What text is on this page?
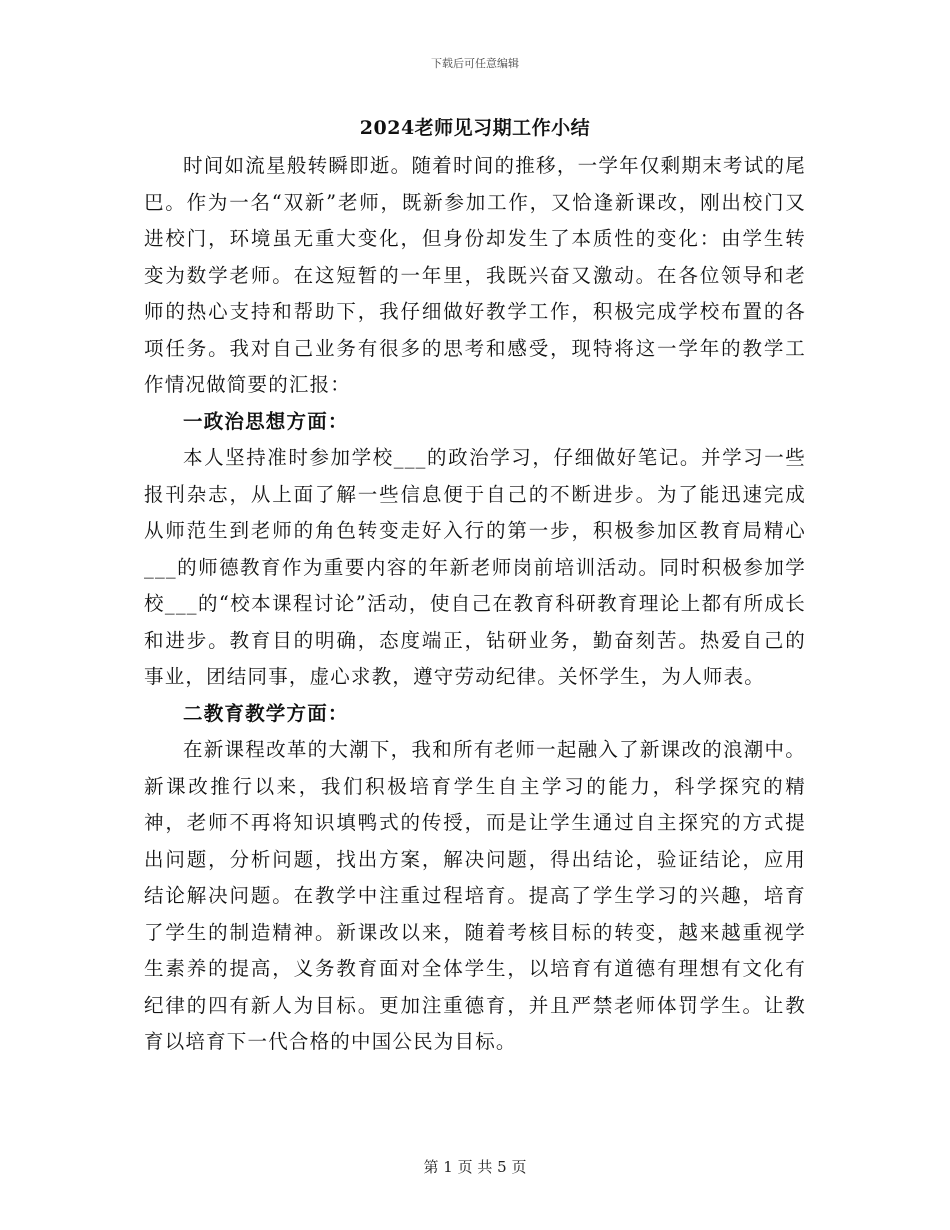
下载后可任意编辑
2024老师见习期工作小结

时间如流星般转瞬即逝。随着时间的推移，一学年仅剩期末考试的尾巴。作为一名“双新”老师，既新参加工作，又恰逢新课改，刚出校门又进校门，环境虽无重大变化，但身份却发生了本质性的变化：由学生转变为数学老师。在这短暂的一年里，我既兴奋又激动。在各位领导和老师的热心支持和帮助下，我仔细做好教学工作，积极完成学校布置的各项任务。我对自己业务有很多的思考和感受，现特将这一学年的教学工作情况做简要的汇报：

一政治思想方面：

本人坚持准时参加学校___的政治学习，仔细做好笔记。并学习一些报刊杂志，从上面了解一些信息便于自己的不断进步。为了能迅速完成从师范生到老师的角色转变走好入行的第一步，积极参加区教育局精心___的师德教育作为重要内容的年新老师岗前培训活动。同时积极参加学校___的“校本课程讨论”活动，使自己在教育科研教育理论上都有所成长和进步。教育目的明确，态度端正，钻研业务，勤奋刻苦。热爱自己的事业，团结同事，虚心求教，遵守劳动纪律。关怀学生，为人师表。

二教育教学方面：

在新课程改革的大潮下，我和所有老师一起融入了新课改的浪潮中。新课改推行以来，我们积极培育学生自主学习的能力，科学探究的精神，老师不再将知识填鸭式的传授，而是让学生通过自主探究的方式提出问题，分析问题，找出方案，解决问题，得出结论，验证结论，应用结论解决问题。在教学中注重过程培育。提高了学生学习的兴趣，培育了学生的制造精神。新课改以来，随着考核目标的转变，越来越重视学生素养的提高，义务教育面对全体学生，以培育有道德有理想有文化有纪律的四有新人为目标。更加注重德育，并且严禁老师体罚学生。让教育以培育下一代合格的中国公民为目标。

第 1 页 共 5 页
